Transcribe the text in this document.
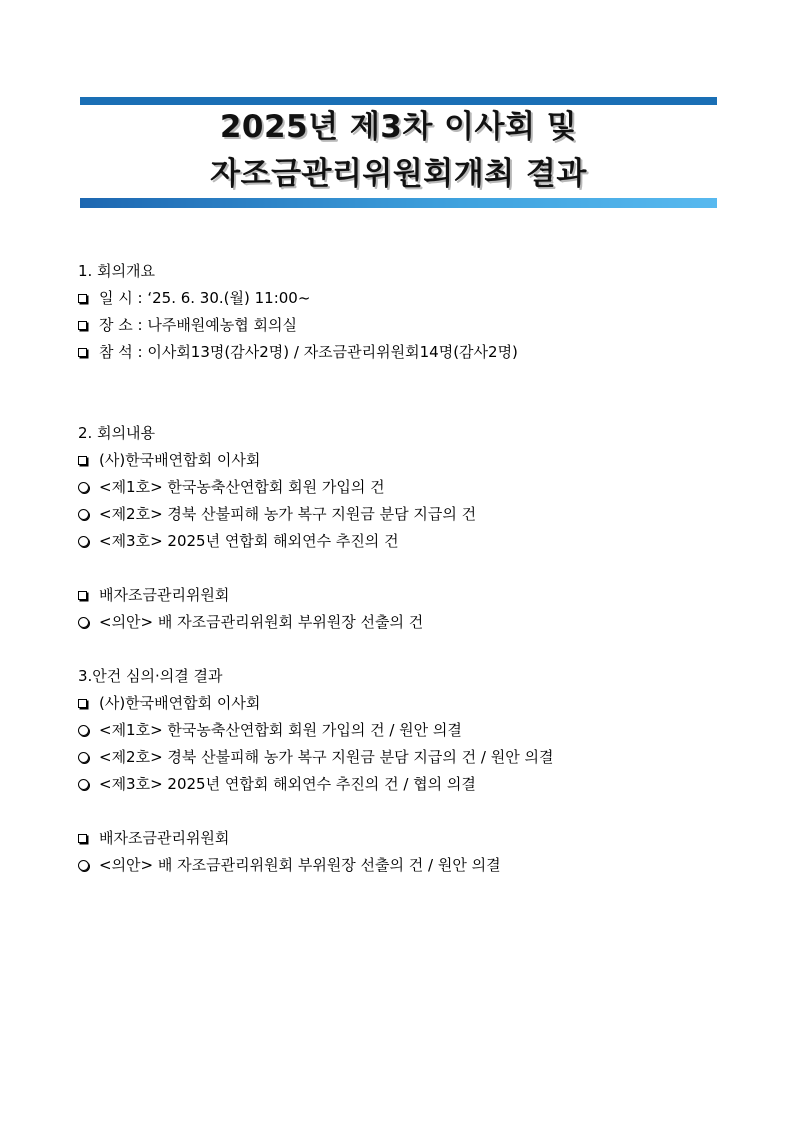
2025년 제3차 이사회 및
자조금관리위원회개최 결과
1. 회의개요
일 시 : ‘25. 6. 30.(월) 11:00~
장 소 : 나주배원예농협 회의실
참 석 : 이사회13명(감사2명) / 자조금관리위원회14명(감사2명)
2. 회의내용
(사)한국배연합회 이사회
<제1호> 한국농축산연합회 회원 가입의 건
<제2호> 경북 산불피해 농가 복구 지원금 분담 지급의 건
<제3호> 2025년 연합회 해외연수 추진의 건
배자조금관리위원회
<의안> 배 자조금관리위원회 부위원장 선출의 건
3.안건 심의·의결 결과
(사)한국배연합회 이사회
<제1호> 한국농축산연합회 회원 가입의 건 / 원안 의결
<제2호> 경북 산불피해 농가 복구 지원금 분담 지급의 건 / 원안 의결
<제3호> 2025년 연합회 해외연수 추진의 건 / 협의 의결
배자조금관리위원회
<의안> 배 자조금관리위원회 부위원장 선출의 건 / 원안 의결
